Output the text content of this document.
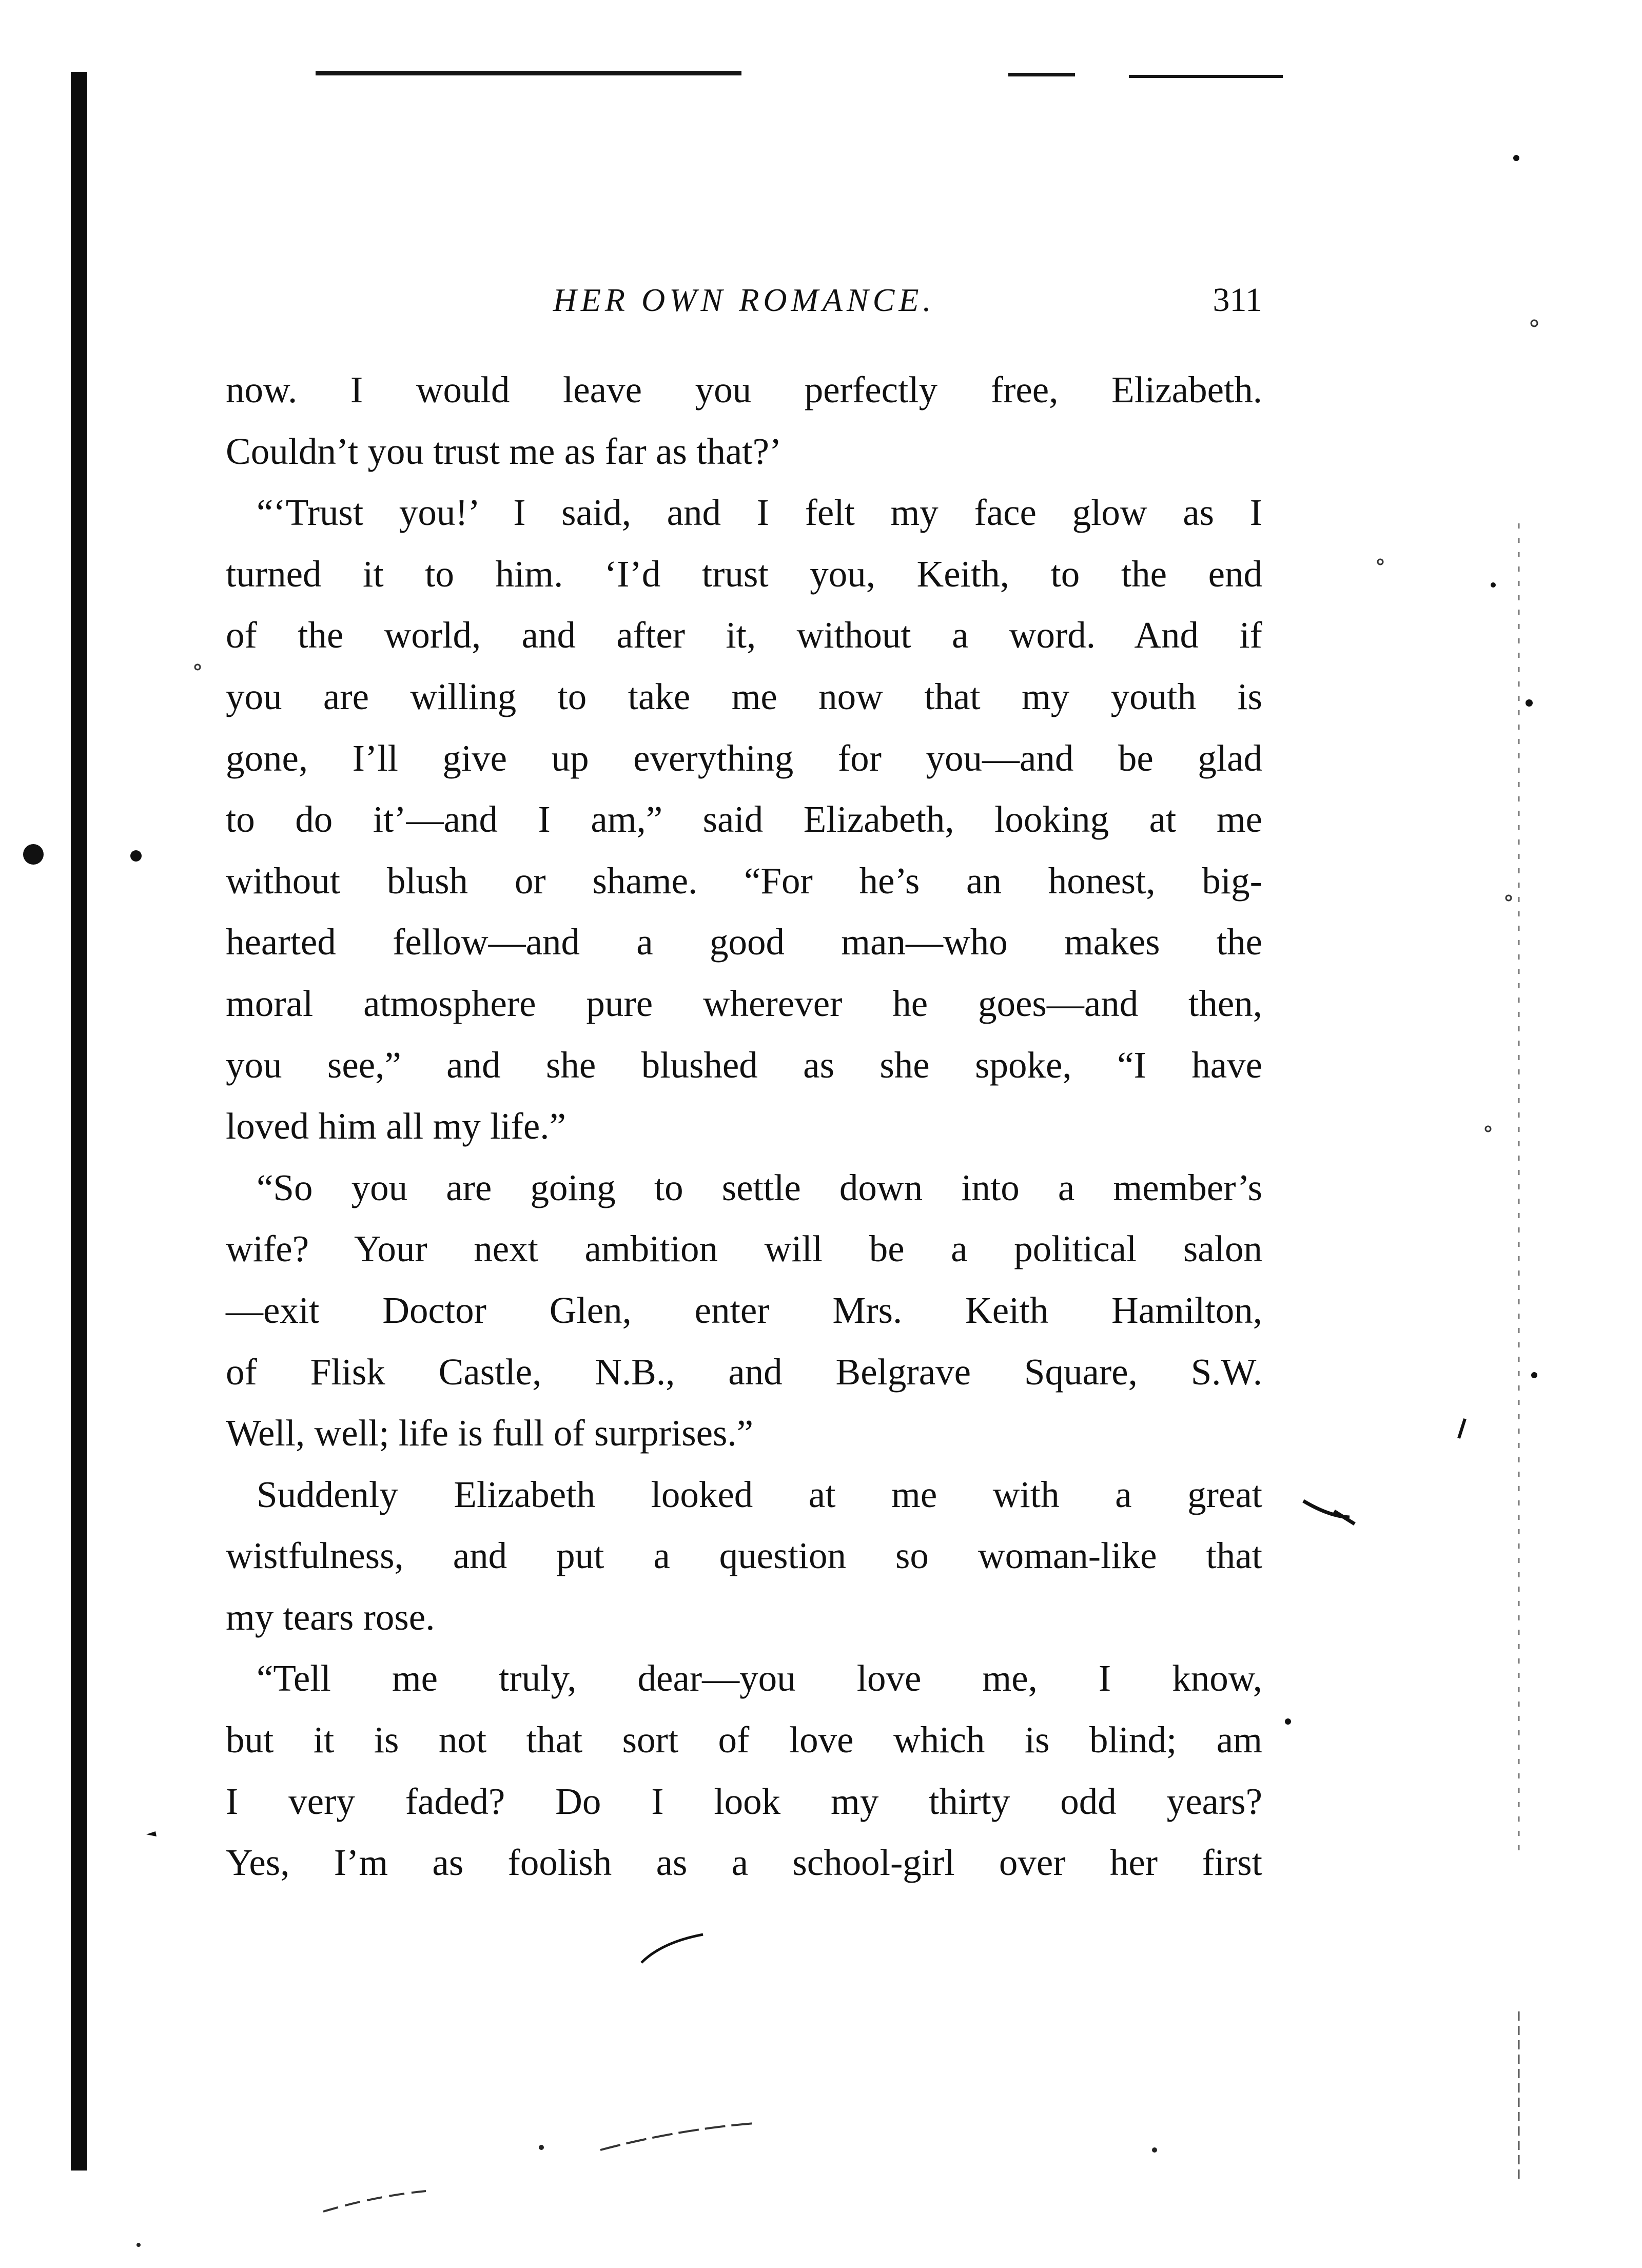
HER OWN ROMANCE.	311
now. I would leave you perfectly free, Elizabeth.
Couldn’t you trust me as far as that?’
“‘Trust you!’ I said, and I felt my face glow as I
turned it to him. ‘I’d trust you, Keith, to the end
of the world, and after it, without a word. And if
you are willing to take me now that my youth is
gone, I’ll give up everything for you—and be glad
to do it’—and I am,” said Elizabeth, looking at me
without blush or shame. “For he’s an honest, big-
hearted fellow—and a good man—who makes the
moral atmosphere pure wherever he goes—and then,
you see,” and she blushed as she spoke, “I have
loved him all my life.”
“So you are going to settle down into a member’s
wife? Your next ambition will be a political salon
—exit Doctor Glen, enter Mrs. Keith Hamilton,
of Flisk Castle, N.B., and Belgrave Square, S.W.
Well, well; life is full of surprises.”
Suddenly Elizabeth looked at me with a great
wistfulness, and put a question so woman-like that
my tears rose.
“Tell me truly, dear—you love me, I know,
but it is not that sort of love which is blind; am
I very faded? Do I look my thirty odd years?
Yes, I’m as foolish as a school-girl over her first
